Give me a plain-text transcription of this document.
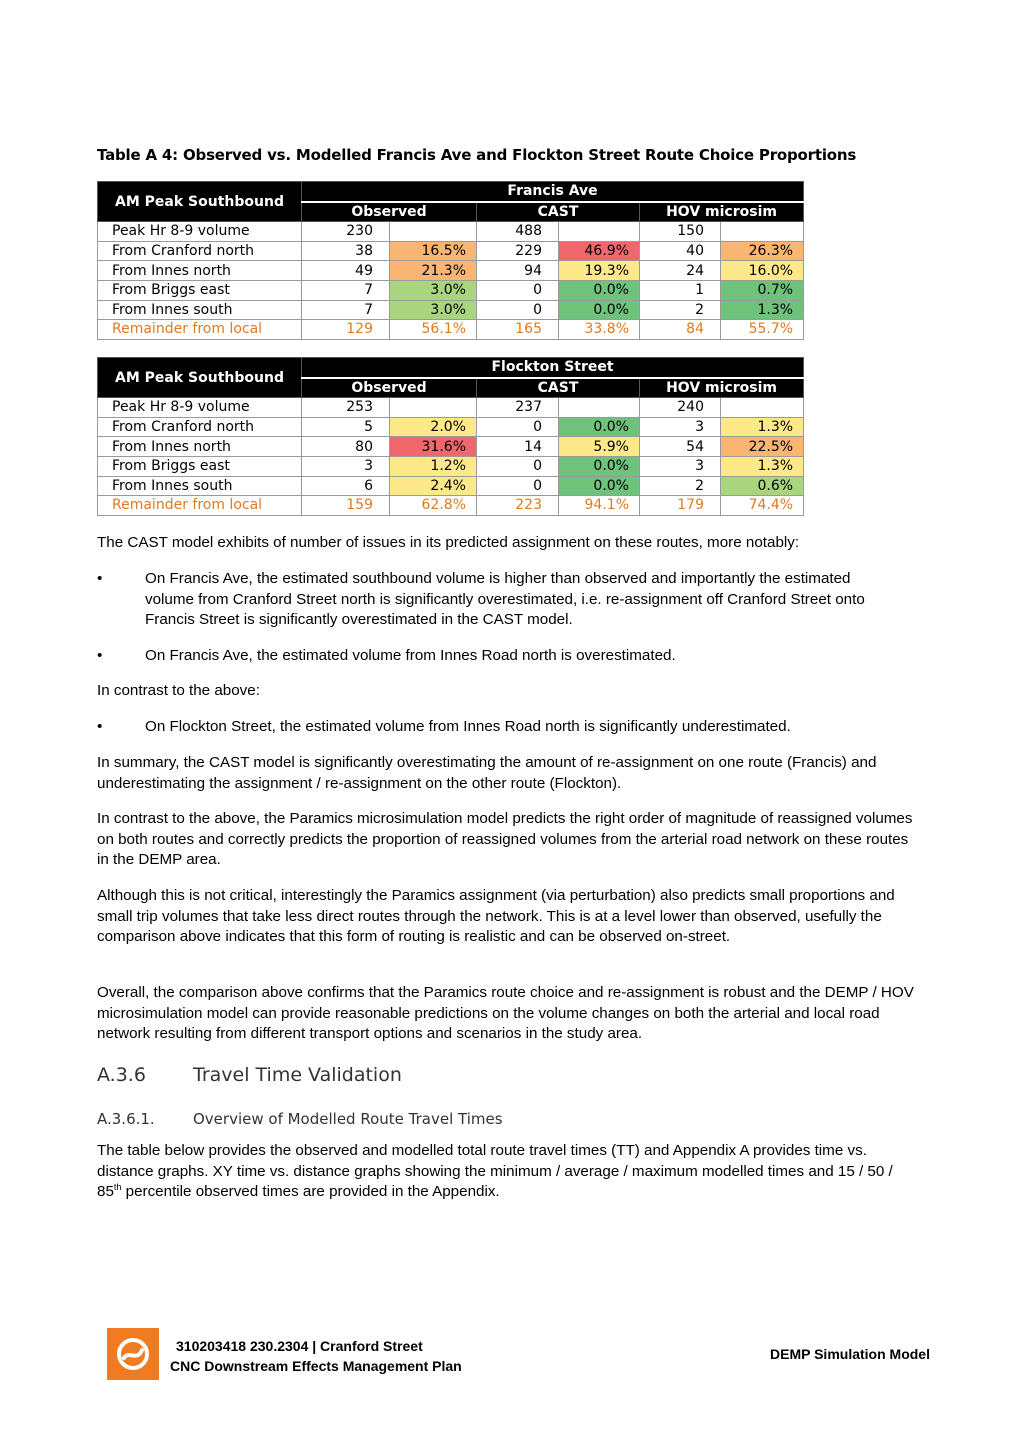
Table A 4: Observed vs. Modelled Francis Ave and Flockton Street Route Choice Proportions
AM Peak Southbound	Francis Ave					
	Observed		CAST		HOV microsim	
Peak Hr 8-9 volume	230		488		150	
From Cranford north	38	16.5%	229	46.9%	40	26.3%
From Innes north	49	21.3%	94	19.3%	24	16.0%
From Briggs east	7	3.0%	0	0.0%	1	0.7%
From Innes south	7	3.0%	0	0.0%	2	1.3%
Remainder from local	129	56.1%	165	33.8%	84	55.7%
AM Peak Southbound	Flockton Street					
	Observed		CAST		HOV microsim	
Peak Hr 8-9 volume	253		237		240	
From Cranford north	5	2.0%	0	0.0%	3	1.3%
From Innes north	80	31.6%	14	5.9%	54	22.5%
From Briggs east	3	1.2%	0	0.0%	3	1.3%
From Innes south	6	2.4%	0	0.0%	2	0.6%
Remainder from local	159	62.8%	223	94.1%	179	74.4%

The CAST model exhibits of number of issues in its predicted assignment on these routes, more notably:

•	On Francis Ave, the estimated southbound volume is higher than observed and importantly the estimated volume from Cranford Street north is significantly overestimated, i.e. re-assignment off Cranford Street onto Francis Street is significantly overestimated in the CAST model.
•	On Francis Ave, the estimated volume from Innes Road north is overestimated.

In contrast to the above:

•	On Flockton Street, the estimated volume from Innes Road north is significantly underestimated.

In summary, the CAST model is significantly overestimating the amount of re-assignment on one route (Francis) and underestimating the assignment / re-assignment on the other route (Flockton).

In contrast to the above, the Paramics microsimulation model predicts the right order of magnitude of reassigned volumes on both routes and correctly predicts the proportion of reassigned volumes from the arterial road network on these routes in the DEMP area.

Although this is not critical, interestingly the Paramics assignment (via perturbation) also predicts small proportions and small trip volumes that take less direct routes through the network. This is at a level lower than observed, usefully the comparison above indicates that this form of routing is realistic and can be observed on-street.

Overall, the comparison above confirms that the Paramics route choice and re-assignment is robust and the DEMP / HOV microsimulation model can provide reasonable predictions on the volume changes on both the arterial and local road network resulting from different transport options and scenarios in the study area.

A.3.6 Travel Time Validation
A.3.6.1.	Overview of Modelled Route Travel Times

The table below provides the observed and modelled total route travel times (TT) and Appendix A provides time vs. distance graphs. XY time vs. distance graphs showing the minimum / average / maximum modelled times and 15 / 50 / 85th percentile observed times are provided in the Appendix.

310203418 230.2304 | Cranford Street
CNC Downstream Effects Management Plan
DEMP Simulation Model
